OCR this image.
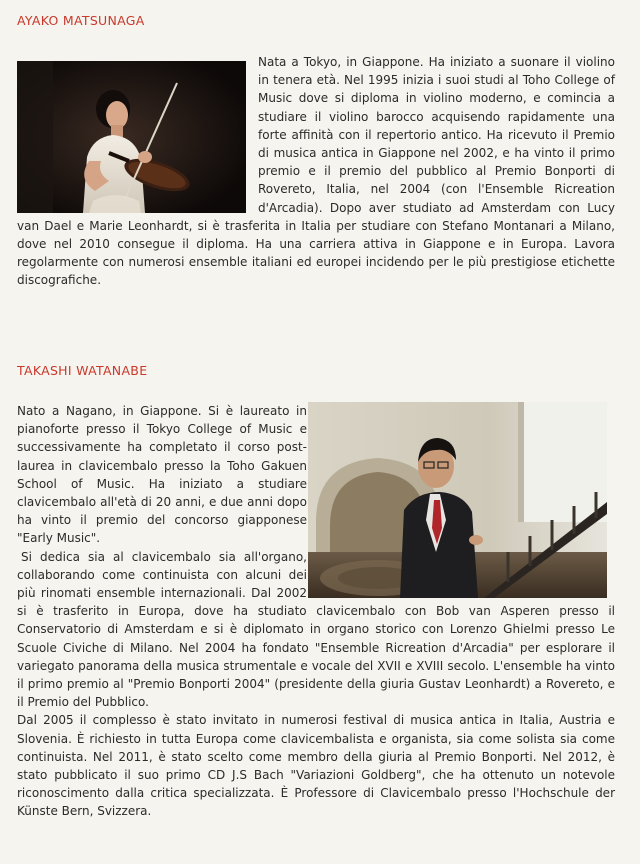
AYAKO MATSUNAGA

Nata a Tokyo, in Giappone. Ha iniziato a suonare il violino in tenera età. Nel 1995 inizia i suoi studi al Toho College of Music dove si diploma in violino moderno, e comincia a studiare il violino barocco acquisendo rapidamente una forte affinità con il repertorio antico. Ha ricevuto il Premio di musica antica in Giappone nel 2002, e ha vinto il primo premio e il premio del pubblico al Premio Bonporti di Rovereto, Italia, nel 2004 (con l'Ensemble Ricreation d'Arcadia). Dopo aver studiato ad Amsterdam con Lucy van Dael e Marie Leonhardt, si è trasferita in Italia per studiare con Stefano Montanari a Milano, dove nel 2010 consegue il diploma. Ha una carriera attiva in Giappone e in Europa. Lavora regolarmente con numerosi ensemble italiani ed europei incidendo per le più prestigiose etichette discografiche.

TAKASHI WATANABE

Nato a Nagano, in Giappone. Si è laureato in pianoforte presso il Tokyo College of Music e successivamente ha completato il corso post-laurea in clavicembalo presso la Toho Gakuen School of Music. Ha iniziato a studiare clavicembalo all'età di 20 anni, e due anni dopo ha vinto il premio del concorso giapponese "Early Music".

Si dedica sia al clavicembalo sia all'organo, collaborando come continuista con alcuni dei più rinomati ensemble internazionali. Dal 2002 si è trasferito in Europa, dove ha studiato clavicembalo con Bob van Asperen presso il Conservatorio di Amsterdam e si è diplomato in organo storico con Lorenzo Ghielmi presso Le Scuole Civiche di Milano. Nel 2004 ha fondato "Ensemble Ricreation d'Arcadia" per esplorare il variegato panorama della musica strumentale e vocale del XVII e XVIII secolo. L'ensemble ha vinto il primo premio al "Premio Bonporti 2004" (presidente della giuria Gustav Leonhardt) a Rovereto, e il Premio del Pubblico.

Dal 2005 il complesso è stato invitato in numerosi festival di musica antica in Italia, Austria e Slovenia. È richiesto in tutta Europa come clavicembalista e organista, sia come solista sia come continuista. Nel 2011, è stato scelto come membro della giuria al Premio Bonporti. Nel 2012, è stato pubblicato il suo primo CD J.S Bach "Variazioni Goldberg", che ha ottenuto un notevole riconoscimento dalla critica specializzata. È Professore di Clavicembalo presso l'Hochschule der Künste Bern, Svizzera.
